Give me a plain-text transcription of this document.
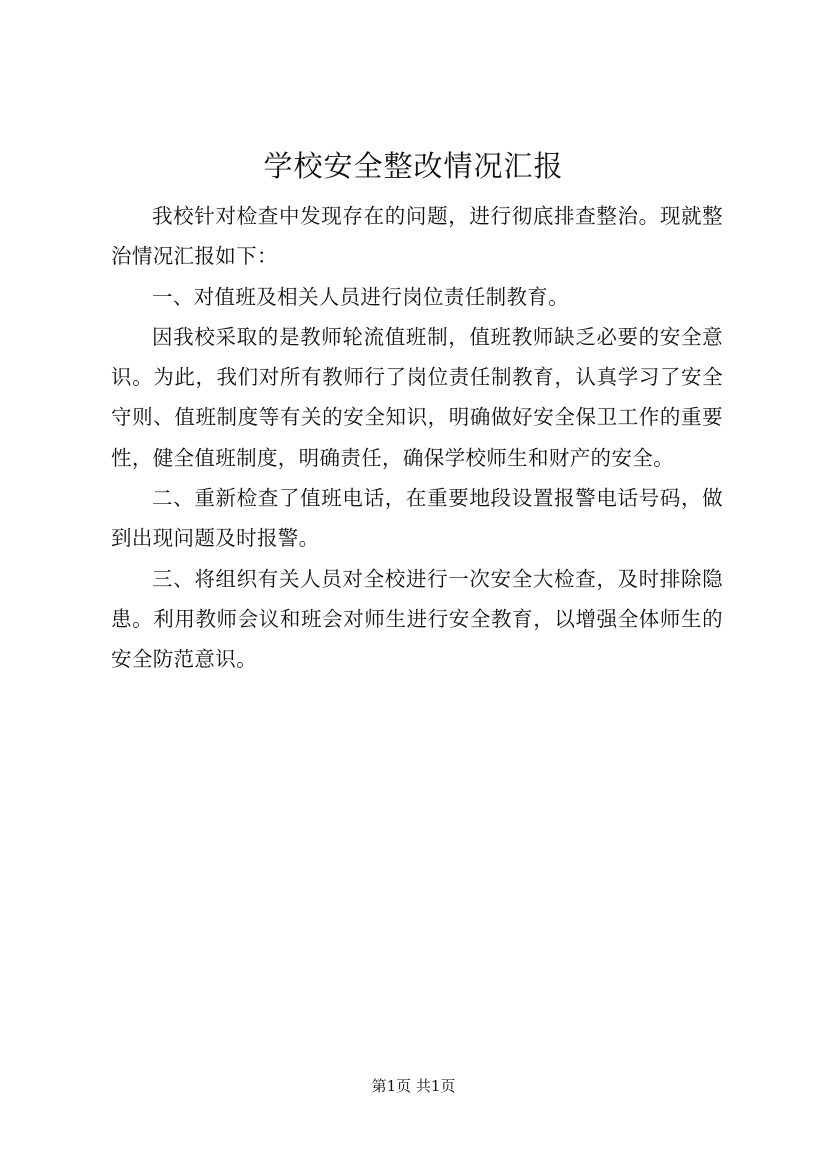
学校安全整改情况汇报

我校针对检查中发现存在的问题，进行彻底排查整治。现就整治情况汇报如下：

一、对值班及相关人员进行岗位责任制教育。

因我校采取的是教师轮流值班制，值班教师缺乏必要的安全意识。为此，我们对所有教师行了岗位责任制教育，认真学习了安全守则、值班制度等有关的安全知识，明确做好安全保卫工作的重要性，健全值班制度，明确责任，确保学校师生和财产的安全。

二、重新检查了值班电话，在重要地段设置报警电话号码，做到出现问题及时报警。

三、将组织有关人员对全校进行一次安全大检查，及时排除隐患。利用教师会议和班会对师生进行安全教育，以增强全体师生的安全防范意识。

第1页 共1页
